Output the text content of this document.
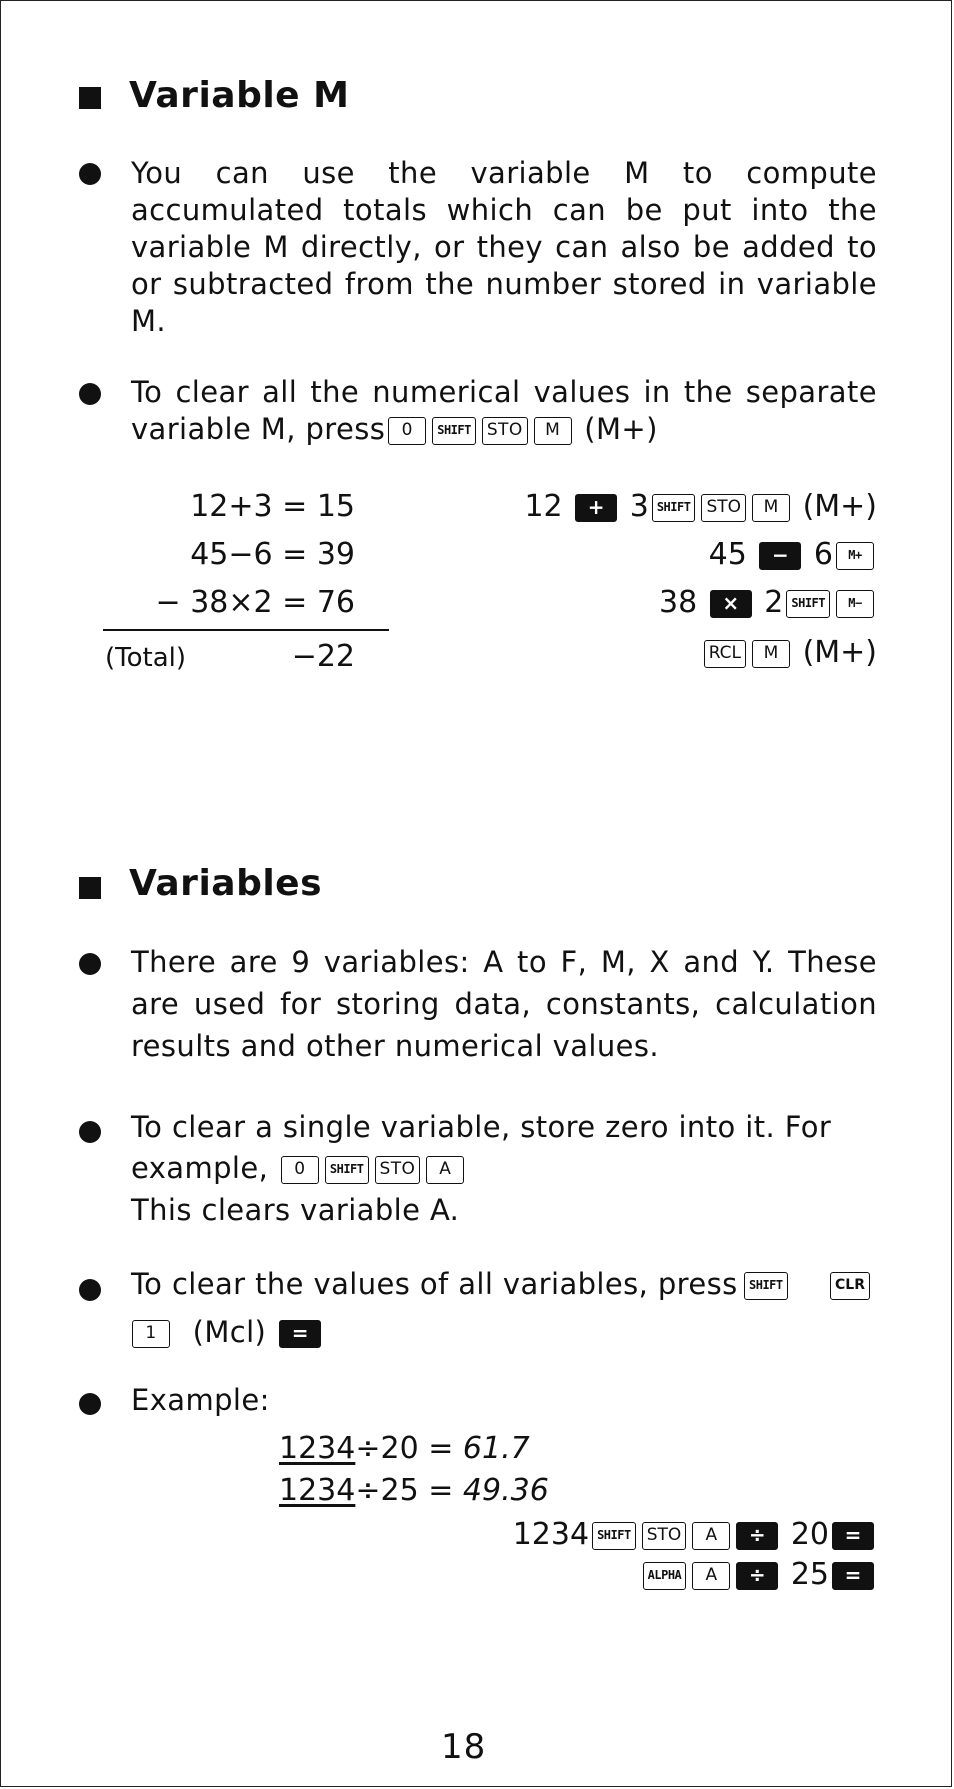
Variable M
You can use the variable M to compute accumulated totals which can be put into the variable M directly, or they can also be added to or subtracted from the number stored in variable M.
To clear all the numerical values in the separate variable M, press 0 SHIFT STO M (M+)
12+3 = 15
45−6 = 39
− 38×2 = 76
(Total)	−22
12 + 3 SHIFT STO M (M+)
45 − 6 M+
38 × 2 SHIFT M−
RCL M (M+)
Variables
There are 9 variables: A to F, M, X and Y. These are used for storing data, constants, calculation results and other numerical values.
To clear a single variable, store zero into it. For
example, 0 SHIFT STO A
This clears variable A.
To clear the values of all variables, press SHIFT	CLR
1 (Mcl) =
Example:
1234÷20 = 61.7
1234÷25 = 49.36
1234 SHIFT STO A ÷ 20 =
ALPHA A ÷ 25 =
18
